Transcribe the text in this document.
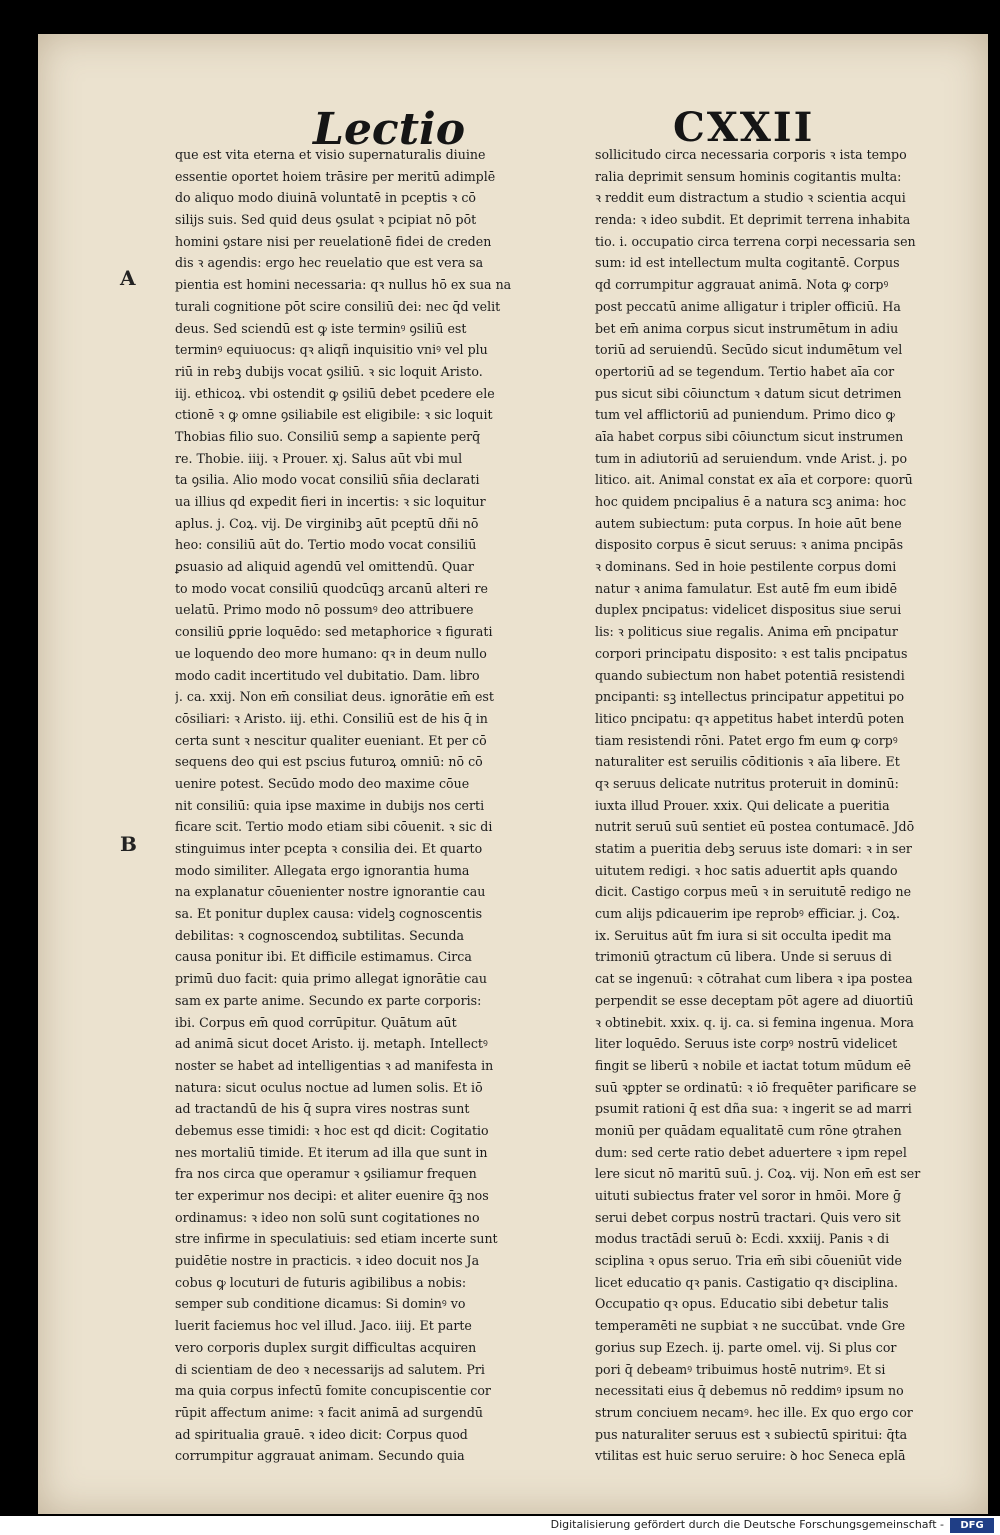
Lectio	CXXII
que est vita eterna et visio supernaturalis diuine
essentie oportet hoiem trāsire per meritū adimplē
do aliquo modo diuinā voluntatē in pceptis ꝛ cō
silijs suis. Sed quid deus ꝯsulat ꝛ pcipiat nō pōt
homini ꝯstare nisi per reuelationē fidei de creden
dis ꝛ agendis: ergo hec reuelatio que est vera sa
pientia est homini necessaria: qꝛ nullus hō ex sua na
turali cognitione pōt scire consiliū dei: nec q̄d velit
deus. Sed sciendū est ꝙ iste terminꝰ ꝯsiliū est
terminꝰ equiuocus: qꝛ aliqñ inquisitio vniꝰ vel plu
riū in rebꝫ dubijs vocat ꝯsiliū. ꝛ sic loquit Aristo.
iij. ethicoꝝ. vbi ostendit ꝙ ꝯsiliū debet pcedere ele
ctionē ꝛ ꝙ omne ꝯsiliabile est eligibile: ꝛ sic loquit
Thobias filio suo. Consiliū semꝑ a sapiente perq̄
re. Thobie. iiij. ꝛ Prouer. xj. Salus aūt vbi mul
ta ꝯsilia. Alio modo vocat consiliū sñia declarati
ua illius qd expedit fieri in incertis: ꝛ sic loquitur
aplus. j. Coꝝ. vij. De virginibꝫ aūt pceptū dñi nō
heo: consiliū aūt do. Tertio modo vocat consiliū
ꝑsuasio ad aliquid agendū vel omittendū. Quar
to modo vocat consiliū quodcūqꝫ arcanū alteri re
uelatū. Primo modo nō possumꝰ deo attribuere
consiliū ꝑprie loquēdo: sed metaphorice ꝛ figurati
ue loquendo deo more humano: qꝛ in deum nullo
modo cadit incertitudo vel dubitatio. Dam. libro
j. ca. xxij. Non em̄ consiliat deus. ignorātie em̄ est
cōsiliari: ꝛ Aristo. iij. ethi. Consiliū est de his q̄ in
certa sunt ꝛ nescitur qualiter eueniant. Et per cō
sequens deo qui est pscius futuroꝝ omniū: nō cō
uenire potest. Secūdo modo deo maxime cōue
nit consiliū: quia ipse maxime in dubijs nos certi
ficare scit. Tertio modo etiam sibi cōuenit. ꝛ sic di
stinguimus inter pcepta ꝛ consilia dei. Et quarto
modo similiter. Allegata ergo ignorantia huma
na explanatur cōuenienter nostre ignorantie cau
sa. Et ponitur duplex causa: videlꝫ cognoscentis
debilitas: ꝛ cognoscendoꝝ subtilitas. Secunda
causa ponitur ibi. Et difficile estimamus. Circa
primū duo facit: quia primo allegat ignorātie cau
sam ex parte anime. Secundo ex parte corporis:
ibi. Corpus em̄ quod corrūpitur. Quātum aūt
ad animā sicut docet Aristo. ij. metaph. Intellectꝰ
noster se habet ad intelligentias ꝛ ad manifesta in
natura: sicut oculus noctue ad lumen solis. Et iō
ad tractandū de his q̄ supra vires nostras sunt
debemus esse timidi: ꝛ hoc est qd dicit: Cogitatio
nes mortaliū timide. Et iterum ad illa que sunt in
fra nos circa que operamur ꝛ ꝯsiliamur frequen
ter experimur nos decipi: et aliter euenire q̄ꝫ nos
ordinamus: ꝛ ideo non solū sunt cogitationes no
stre infirme in speculatiuis: sed etiam incerte sunt
puidētie nostre in practicis. ꝛ ideo docuit nos Ja
cobus ꝙ locuturi de futuris agibilibus a nobis:
semper sub conditione dicamus: Si dominꝰ vo
luerit faciemus hoc vel illud. Jaco. iiij. Et parte
vero corporis duplex surgit difficultas acquiren
di scientiam de deo ꝛ necessarijs ad salutem. Pri
ma quia corpus infectū fomite concupiscentie cor
rūpit affectum anime: ꝛ facit animā ad surgendū
ad spiritualia grauē. ꝛ ideo dicit: Corpus quod
corrumpitur aggrauat animam. Secundo quia
sollicitudo circa necessaria corporis ꝛ ista tempo
ralia deprimit sensum hominis cogitantis multa:
ꝛ reddit eum distractum a studio ꝛ scientia acqui
renda: ꝛ ideo subdit. Et deprimit terrena inhabita
tio. i. occupatio circa terrena corpi necessaria sen
sum: id est intellectum multa cogitantē. Corpus
qd corrumpitur aggrauat animā. Nota ꝙ corpꝰ
post peccatū anime alligatur i tripler officiū. Ha
bet em̄ anima corpus sicut instrumētum in adiu
toriū ad seruiendū. Secūdo sicut indumētum vel
opertoriū ad se tegendum. Tertio habet aīa cor
pus sicut sibi cōiunctum ꝛ datum sicut detrimen
tum vel afflictoriū ad puniendum. Primo dico ꝙ
aīa habet corpus sibi cōiunctum sicut instrumen
tum in adiutoriū ad seruiendum. vnde Arist. j. po
litico. ait. Animal constat ex aīa et corpore: quorū
hoc quidem pncipalius ē a natura scꝫ anima: hoc
autem subiectum: puta corpus. In hoie aūt bene
disposito corpus ē sicut seruus: ꝛ anima pncipās
ꝛ dominans. Sed in hoie pestilente corpus domi
natur ꝛ anima famulatur. Est autē fm eum ibidē
duplex pncipatus: videlicet dispositus siue serui
lis: ꝛ politicus siue regalis. Anima em̄ pncipatur
corpori principatu disposito: ꝛ est talis pncipatus
quando subiectum non habet potentiā resistendi
pncipanti: sꝫ intellectus principatur appetitui po
litico pncipatu: qꝛ appetitus habet interdū poten
tiam resistendi rōni. Patet ergo fm eum ꝙ corpꝰ
naturaliter est seruilis cōditionis ꝛ aīa libere. Et
qꝛ seruus delicate nutritus proteruit in dominū:
iuxta illud Prouer. xxix. Qui delicate a pueritia
nutrit seruū suū sentiet eū postea contumacē. Jdō
statim a pueritia debꝫ seruus iste domari: ꝛ in ser
uitutem redigi. ꝛ hoc satis aduertit apłs quando
dicit. Castigo corpus meū ꝛ in seruitutē redigo ne
cum alijs pdicauerim ipe reprobꝰ efficiar. j. Coꝝ.
ix. Seruitus aūt fm iura si sit occulta ipedit ma
trimoniū ꝯtractum cū libera. Unde si seruus di
cat se ingenuū: ꝛ cōtrahat cum libera ꝛ ipa postea
perpendit se esse deceptam pōt agere ad diuortiū
ꝛ obtinebit. xxix. q. ij. ca. si femina ingenua. Mora
liter loquēdo. Seruus iste corpꝰ nostrū videlicet
fingit se liberū ꝛ nobile et iactat totum mūdum eē
suū ꝛꝑpter se ordinatū: ꝛ iō frequēter parificare se
psumit rationi q̄ est dña sua: ꝛ ingerit se ad marri
moniū per quādam equalitatē cum rōne ꝯtrahen
dum: sed certe ratio debet aduertere ꝛ ipm repel
lere sicut nō maritū suū. j. Coꝝ. vij. Non em̄ est ser
uituti subiectus frater vel soror in hmōi. More ḡ
serui debet corpus nostrū tractari. Quis vero sit
modus tractādi seruū ꝺ: Ecdi. xxxiij. Panis ꝛ di
sciplina ꝛ opus seruo. Tria em̄ sibi cōueniūt vide
licet educatio qꝛ panis. Castigatio qꝛ disciplina.
Occupatio qꝛ opus. Educatio sibi debetur talis
temperamēti ne supbiat ꝛ ne succūbat. vnde Gre
gorius sup Ezech. ij. parte omel. vij. Si plus cor
pori q̄ debeamꝰ tribuimus hostē nutrimꝰ. Et si
necessitati eius q̄ debemus nō reddimꝰ ipsum no
strum conciuem necamꝰ. hec ille. Ex quo ergo cor
pus naturaliter seruus est ꝛ subiectū spiritui: q̄ta
vtilitas est huic seruo seruire: ꝺ hoc Seneca eplā
A
B
Digitalisierung gefördert durch die Deutsche Forschungsgemeinschaft -	DFG
